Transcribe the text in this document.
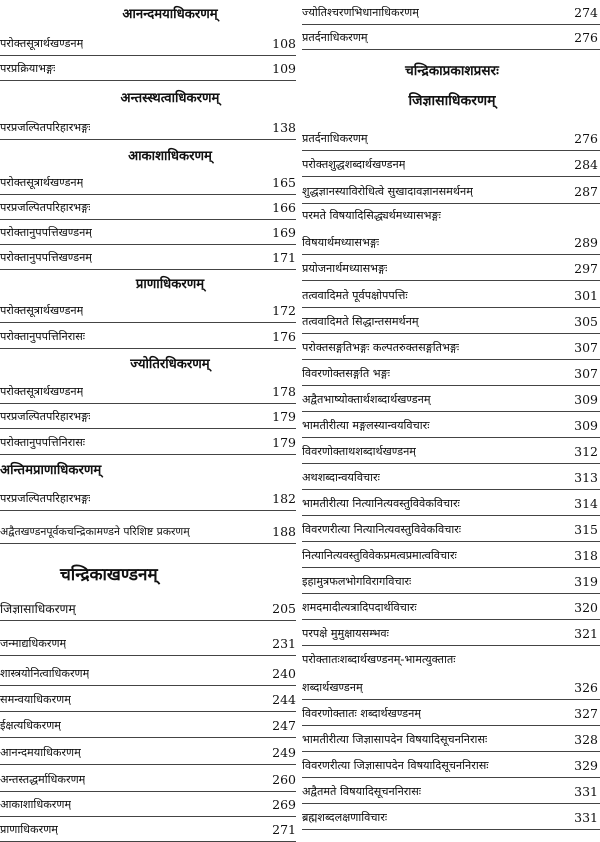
आनन्दमयाधिकरणम्
परोक्तसूत्रार्थखण्डनम्	108
परप्रक्रियाभङ्गः	109
अन्तस्स्थत्वाधिकरणम्
परप्रजल्पितपरिहारभङ्गः	138
आकाशाधिकरणम्
परोक्तसूत्रार्थखण्डनम्	165
परप्रजल्पितपरिहारभङ्गः	166
परोक्तानुपपत्तिखण्डनम्	169
परोक्तानुपपत्तिखण्डनम्	171
प्राणाधिकरणम्
परोक्तसूत्रार्थखण्डनम्	172
परोक्तानुपपत्तिनिरासः	176
ज्योतिरधिकरणम्
परोक्तसूत्रार्थखण्डनम्	178
परप्रजल्पितपरिहारभङ्गः	179
परोक्तानुपपत्तिनिरासः	179
अन्तिमप्राणाधिकरणम्
परप्रजल्पितपरिहारभङ्गः	182
अद्वैतखण्डनपूर्वकचन्द्रिकामण्डने परिशिष्ट प्रकरणम्	188
चन्द्रिकाखण्डनम्
जिज्ञासाधिकरणम्	205
जन्माद्यधिकरणम्	231
शास्त्रयोनित्वाधिकरणम्	240
समन्वयाधिकरणम्	244
ईक्षत्यधिकरणम्	247
आनन्दमयाधिकरणम्	249
अन्तस्तद्धर्माधिकरणम्	260
आकाशाधिकरणम्	269
प्राणाधिकरणम्	271
ज्योतिश्चरणभिधानाधिकरणम्	274
प्रतर्दनाधिकरणम्	276
चन्द्रिकाप्रकाशप्रसरः
जिज्ञासाधिकरणम्
प्रतर्दनाधिकरणम्	276
परोक्तशुद्धशब्दार्थखण्डनम्	284
शुद्धज्ञानस्याविरोधित्वे सुखादावज्ञानसमर्थनम्	287
परमते विषयादिसिद्ध्यर्थमध्यासभङ्गः
विषयार्थमध्यासभङ्गः	289
प्रयोजनार्थमध्यासभङ्गः	297
तत्ववादिमते पूर्वपक्षोपपत्तिः	301
तत्ववादिमते सिद्धान्तसमर्थनम्	305
परोक्तसङ्गतिभङ्गः कल्पतरुक्तसङ्गतिभङ्गः	307
विवरणोक्तसङ्गति भङ्गः	307
अद्वैतभाष्योक्तार्थशब्दार्थखण्डनम्	309
भामतीरीत्या मङ्गलस्यान्वयविचारः	309
विवरणोक्ताथशब्दार्थखण्डनम्	312
अथशब्दान्वयविचारः	313
भामतीरीत्या नित्यानित्यवस्तुविवेकविचारः	314
विवरणरीत्या नित्यानित्यवस्तुविवेकविचारः	315
नित्यानित्यवस्तुविवेकप्रमत्वप्रमात्वविचारः	318
इहामुत्रफलभोगविरागविचारः	319
शमदमादीत्यत्रादिपदार्थविचारः	320
परपक्षे मुमुक्षायसम्भवः	321
परोक्तातःशब्दार्थखण्डनम्-भामत्युक्तातः
शब्दार्थखण्डनम्	326
विवरणोक्तातः शब्दार्थखण्डनम्	327
भामतीरीत्या जिज्ञासापदेन विषयादिसूचननिरासः	328
विवरणरीत्या जिज्ञासापदेन विषयादिसूचननिरासः	329
अद्वैतमते विषयादिसूचननिरासः	331
ब्रह्मशब्दलक्षणाविचारः	331
